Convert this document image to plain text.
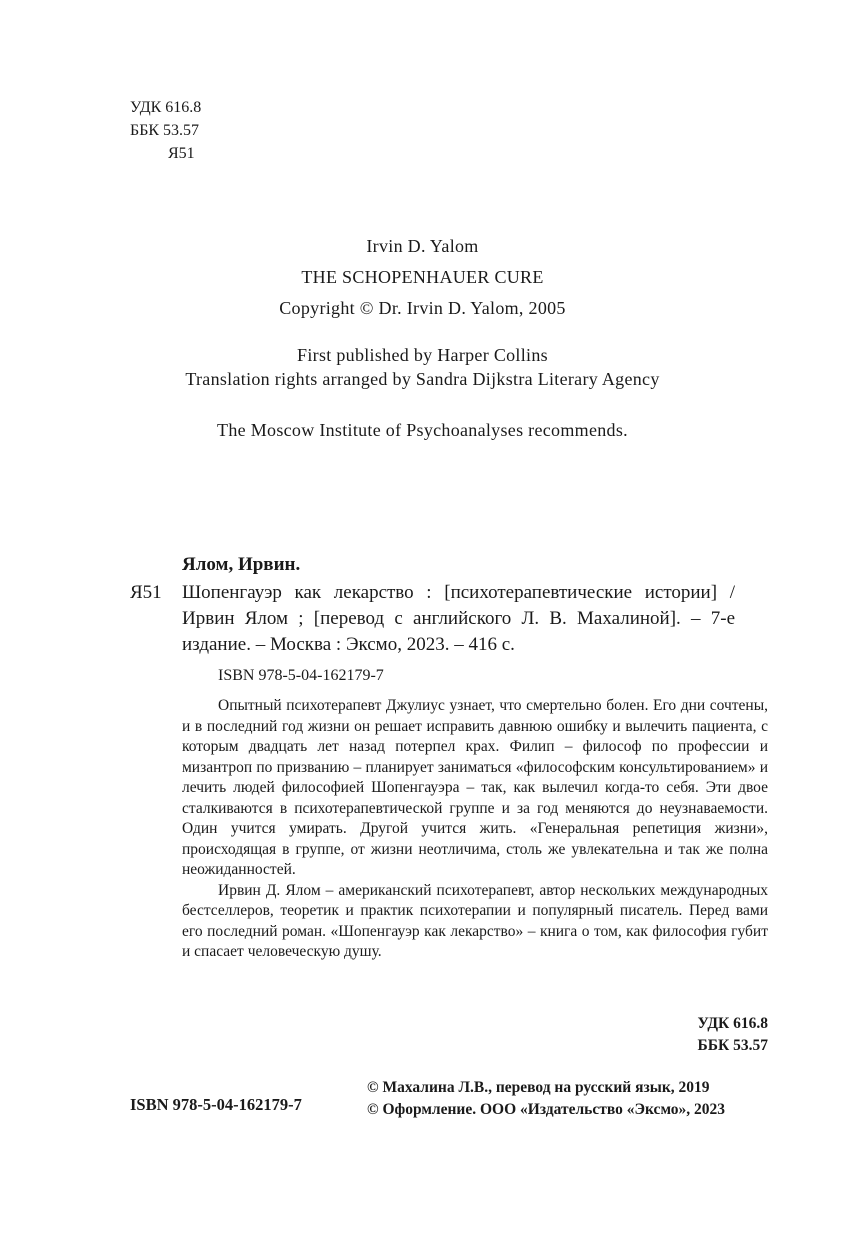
УДК 616.8
ББК 53.57
Я51
Irvin D. Yalom
THE SCHOPENHAUER CURE
Copyright © Dr. Irvin D. Yalom, 2005
First published by Harper Collins
Translation rights arranged by Sandra Dijkstra Literary Agency
The Moscow Institute of Psychoanalyses recommends.
Ялом, Ирвин.
Я51 Шопенгауэр как лекарство : [психотерапевтические истории] / Ирвин Ялом ; [перевод с английского Л. В. Махалиной]. – 7-е издание. – Москва : Эксмо, 2023. – 416 с.
ISBN 978-5-04-162179-7

Опытный психотерапевт Джулиус узнает, что смертельно болен. Его дни сочтены, и в последний год жизни он решает исправить давнюю ошибку и вылечить пациента, с которым двадцать лет назад потерпел крах. Филип – философ по профессии и мизантроп по призванию – планирует заниматься «философским консультированием» и лечить людей философией Шопенгауэра – так, как вылечил когда-то себя. Эти двое сталкиваются в психотерапевтической группе и за год меняются до неузнаваемости. Один учится умирать. Другой учится жить. «Генеральная репетиция жизни», происходящая в группе, от жизни неотличима, столь же увлекательна и так же полна неожиданностей.

Ирвин Д. Ялом – американский психотерапевт, автор нескольких международных бестселлеров, теоретик и практик психотерапии и популярный писатель. Перед вами его последний роман. «Шопенгауэр как лекарство» – книга о том, как философия губит и спасает человеческую душу.

УДК 616.8
ББК 53.57
© Махалина Л.В., перевод на русский язык, 2019
© Оформление. ООО «Издательство «Эксмо», 2023
ISBN 978-5-04-162179-7
